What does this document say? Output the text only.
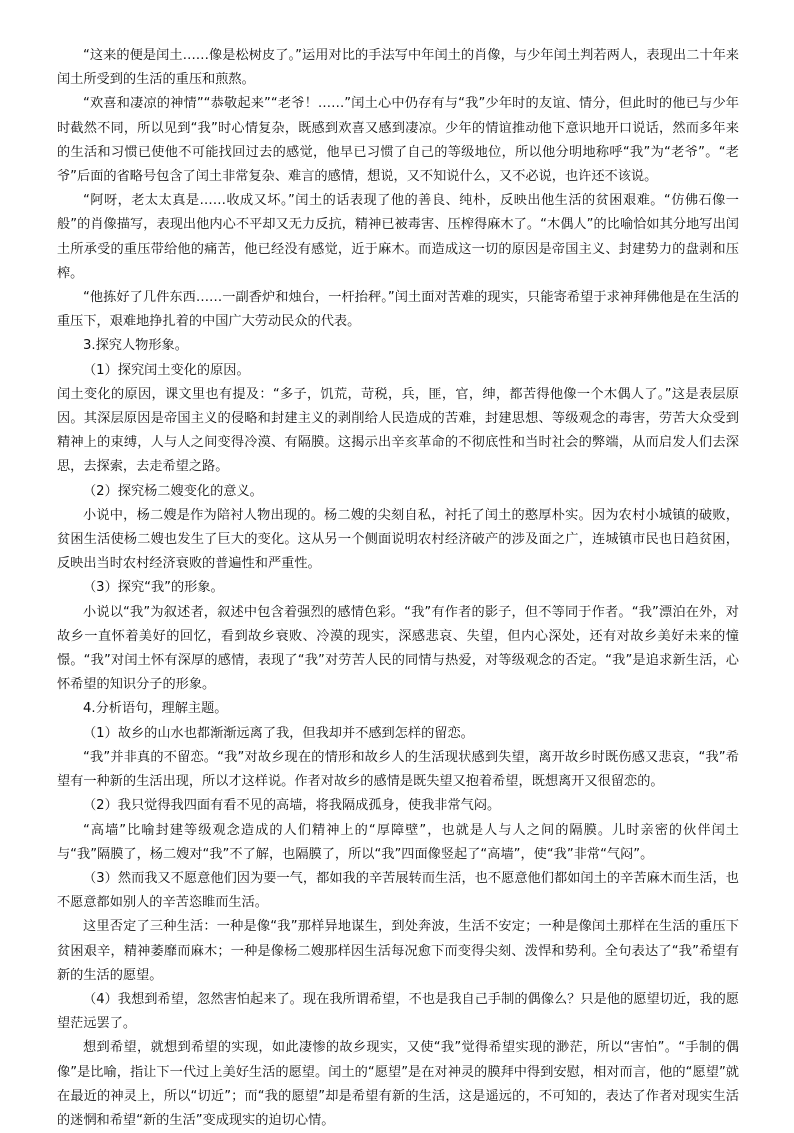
“这来的便是闰土……像是松树皮了。”运用对比的手法写中年闰土的肖像，与少年闰土判若两人，表现出二十年来闰土所受到的生活的重压和煎熬。

“欢喜和凄凉的神情”“恭敬起来”“老爷！……”闰土心中仍存有与“我”少年时的友谊、情分，但此时的他已与少年时截然不同，所以见到“我”时心情复杂，既感到欢喜又感到凄凉。少年的情谊推动他下意识地开口说话，然而多年来的生活和习惯已使他不可能找回过去的感觉，他早已习惯了自己的等级地位，所以他分明地称呼“我”为“老爷”。“老爷”后面的省略号包含了闰土非常复杂、难言的感情，想说，又不知说什么，又不必说，也许还不该说。

“阿呀，老太太真是……收成又坏。”闰土的话表现了他的善良、纯朴，反映出他生活的贫困艰难。“仿佛石像一般”的肖像描写，表现出他内心不平却又无力反抗，精神已被毒害、压榨得麻木了。“木偶人”的比喻恰如其分地写出闰土所承受的重压带给他的痛苦，他已经没有感觉，近于麻木。而造成这一切的原因是帝国主义、封建势力的盘剥和压榨。

“他拣好了几件东西……一副香炉和烛台，一杆抬秤。”闰土面对苦难的现实，只能寄希望于求神拜佛他是在生活的重压下，艰难地挣扎着的中国广大劳动民众的代表。

3.探究人物形象。

（1）探究闰土变化的原因。

闰土变化的原因，课文里也有提及：“多子，饥荒，苛税，兵，匪，官，绅，都苦得他像一个木偶人了。”这是表层原因。其深层原因是帝国主义的侵略和封建主义的剥削给人民造成的苦难，封建思想、等级观念的毒害，劳苦大众受到精神上的束缚，人与人之间变得冷漠、有隔膜。这揭示出辛亥革命的不彻底性和当时社会的弊端，从而启发人们去深思，去探索，去走希望之路。

（2）探究杨二嫂变化的意义。

小说中，杨二嫂是作为陪衬人物出现的。杨二嫂的尖刻自私，衬托了闰土的憨厚朴实。因为农村小城镇的破败，贫困生活使杨二嫂也发生了巨大的变化。这从另一个侧面说明农村经济破产的涉及面之广，连城镇市民也日趋贫困，反映出当时农村经济衰败的普遍性和严重性。

（3）探究“我”的形象。

小说以“我”为叙述者，叙述中包含着强烈的感情色彩。“我”有作者的影子，但不等同于作者。“我”漂泊在外，对故乡一直怀着美好的回忆，看到故乡衰败、冷漠的现实，深感悲哀、失望，但内心深处，还有对故乡美好未来的憧憬。“我”对闰土怀有深厚的感情，表现了“我”对劳苦人民的同情与热爱，对等级观念的否定。“我”是追求新生活，心怀希望的知识分子的形象。

4.分析语句，理解主题。

（1）故乡的山水也都渐渐远离了我，但我却并不感到怎样的留恋。

“我”并非真的不留恋。“我”对故乡现在的情形和故乡人的生活现状感到失望，离开故乡时既伤感又悲哀，“我”希望有一种新的生活出现，所以才这样说。作者对故乡的感情是既失望又抱着希望，既想离开又很留恋的。

（2）我只觉得我四面有看不见的高墙，将我隔成孤身，使我非常气闷。

“高墙”比喻封建等级观念造成的人们精神上的“厚障壁”，也就是人与人之间的隔膜。儿时亲密的伙伴闰土与“我”隔膜了，杨二嫂对“我”不了解，也隔膜了，所以“我”四面像竖起了“高墙”，使“我”非常“气闷”。

（3）然而我又不愿意他们因为要一气，都如我的辛苦展转而生活，也不愿意他们都如闰土的辛苦麻木而生活，也不愿意都如别人的辛苦恣睢而生活。

这里否定了三种生活：一种是像“我”那样异地谋生，到处奔波，生活不安定；一种是像闰土那样在生活的重压下贫困艰辛，精神萎靡而麻木；一种是像杨二嫂那样因生活每况愈下而变得尖刻、泼悍和势利。全句表达了“我”希望有新的生活的愿望。

（4）我想到希望，忽然害怕起来了。现在我所谓希望，不也是我自己手制的偶像么？只是他的愿望切近，我的愿望茫远罢了。

想到希望，就想到希望的实现，如此凄惨的故乡现实，又使“我”觉得希望实现的渺茫，所以“害怕”。“手制的偶像”是比喻，指让下一代过上美好生活的愿望。闰土的“愿望”是在对神灵的膜拜中得到安慰，相对而言，他的“愿望”就在最近的神灵上，所以“切近”；而“我的愿望”却是希望有新的生活，这是遥远的，不可知的，表达了作者对现实生活的迷惘和希望“新的生活”变成现实的迫切心情。
